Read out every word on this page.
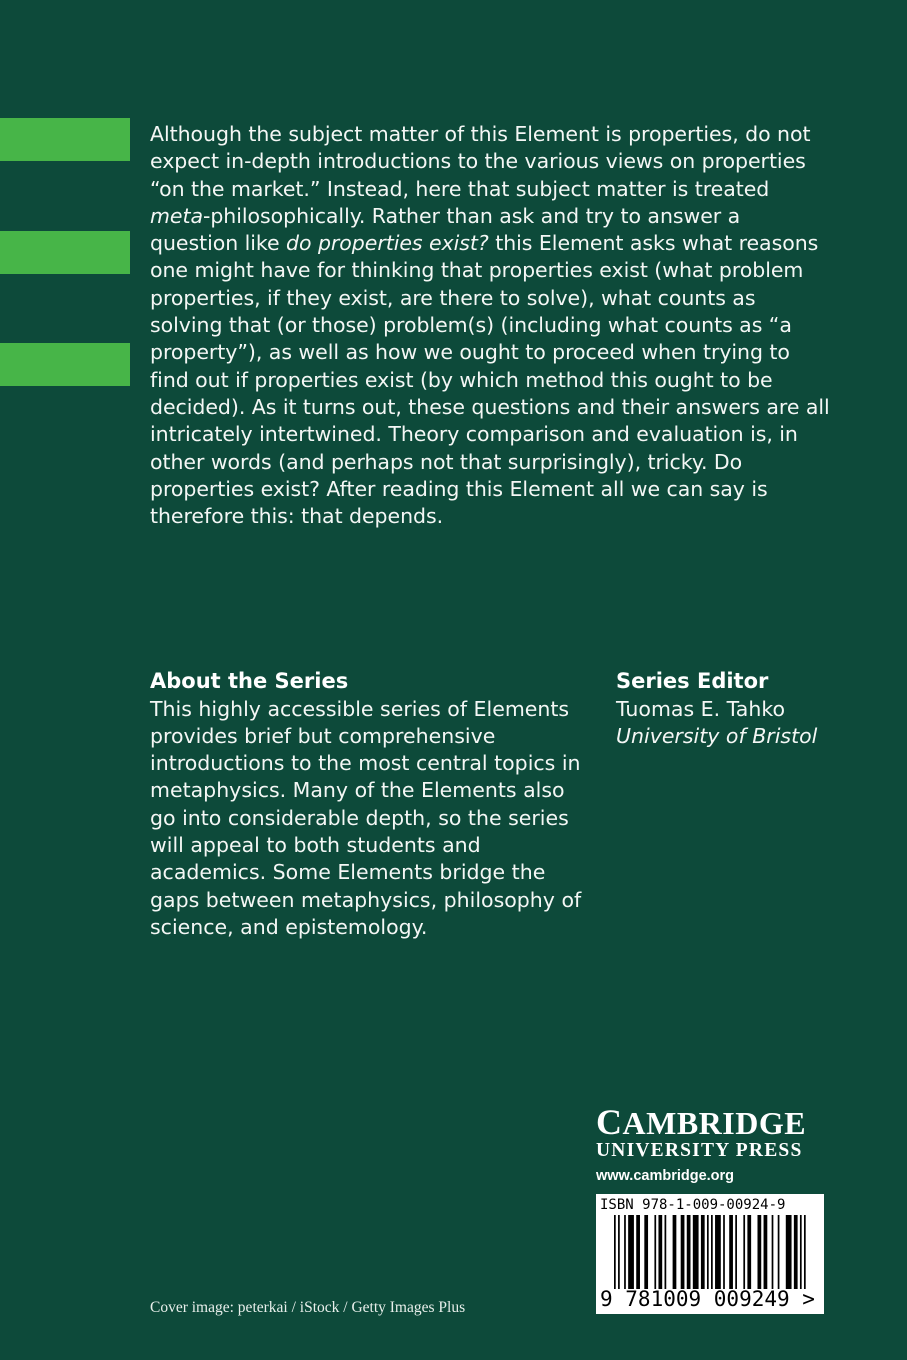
Although the subject matter of this Element is properties, do not expect in-depth introductions to the various views on properties “on the market.” Instead, here that subject matter is treated meta-philosophically. Rather than ask and try to answer a question like do properties exist? this Element asks what reasons one might have for thinking that properties exist (what problem properties, if they exist, are there to solve), what counts as solving that (or those) problem(s) (including what counts as “a property”), as well as how we ought to proceed when trying to find out if properties exist (by which method this ought to be decided). As it turns out, these questions and their answers are all intricately intertwined. Theory comparison and evaluation is, in other words (and perhaps not that surprisingly), tricky. Do properties exist? After reading this Element all we can say is therefore this: that depends.

About the Series
This highly accessible series of Elements provides brief but comprehensive introductions to the most central topics in metaphysics. Many of the Elements also go into considerable depth, so the series will appeal to both students and academics. Some Elements bridge the gaps between metaphysics, philosophy of science, and epistemology.
Series Editor
Tuomas E. Tahko
University of Bristol
CAMBRIDGE
UNIVERSITY PRESS
www.cambridge.org
ISBN 978-1-009-00924-9
9 781009 009249 >
Cover image: peterkai / iStock / Getty Images Plus
